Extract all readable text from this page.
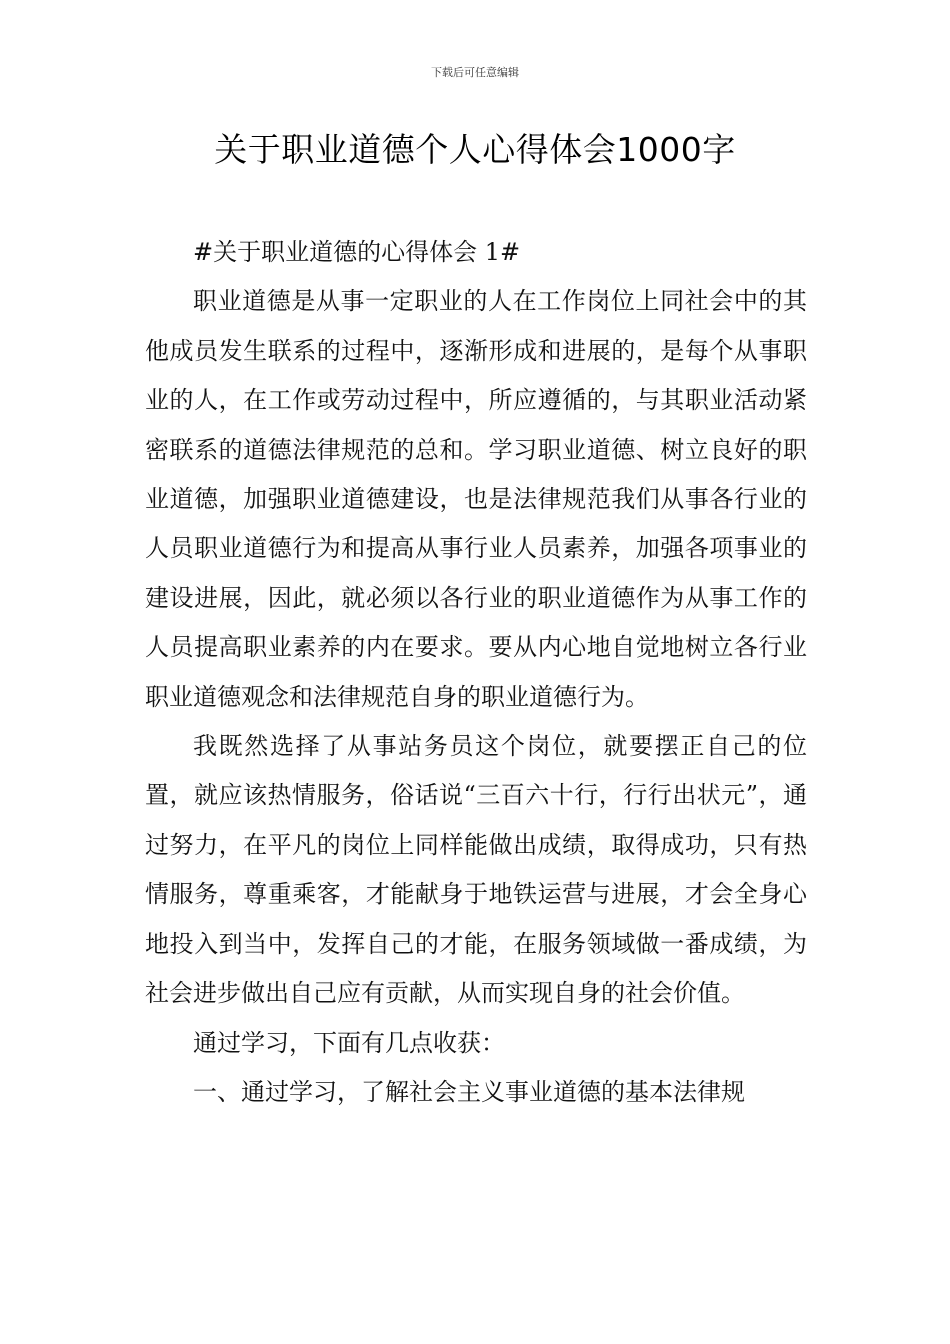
下载后可任意编辑
关于职业道德个人心得体会1000字

#关于职业道德的心得体会 1#

职业道德是从事一定职业的人在工作岗位上同社会中的其他成员发生联系的过程中，逐渐形成和进展的，是每个从事职业的人，在工作或劳动过程中，所应遵循的，与其职业活动紧密联系的道德法律规范的总和。学习职业道德、树立良好的职业道德，加强职业道德建设，也是法律规范我们从事各行业的人员职业道德行为和提高从事行业人员素养，加强各项事业的建设进展，因此，就必须以各行业的职业道德作为从事工作的人员提高职业素养的内在要求。要从内心地自觉地树立各行业职业道德观念和法律规范自身的职业道德行为。

我既然选择了从事站务员这个岗位，就要摆正自己的位置，就应该热情服务，俗话说“三百六十行，行行出状元”，通过努力，在平凡的岗位上同样能做出成绩，取得成功，只有热情服务，尊重乘客，才能献身于地铁运营与进展，才会全身心地投入到当中，发挥自己的才能，在服务领域做一番成绩，为社会进步做出自己应有贡献，从而实现自身的社会价值。

通过学习，下面有几点收获：

一、通过学习，了解社会主义事业道德的基本法律规
